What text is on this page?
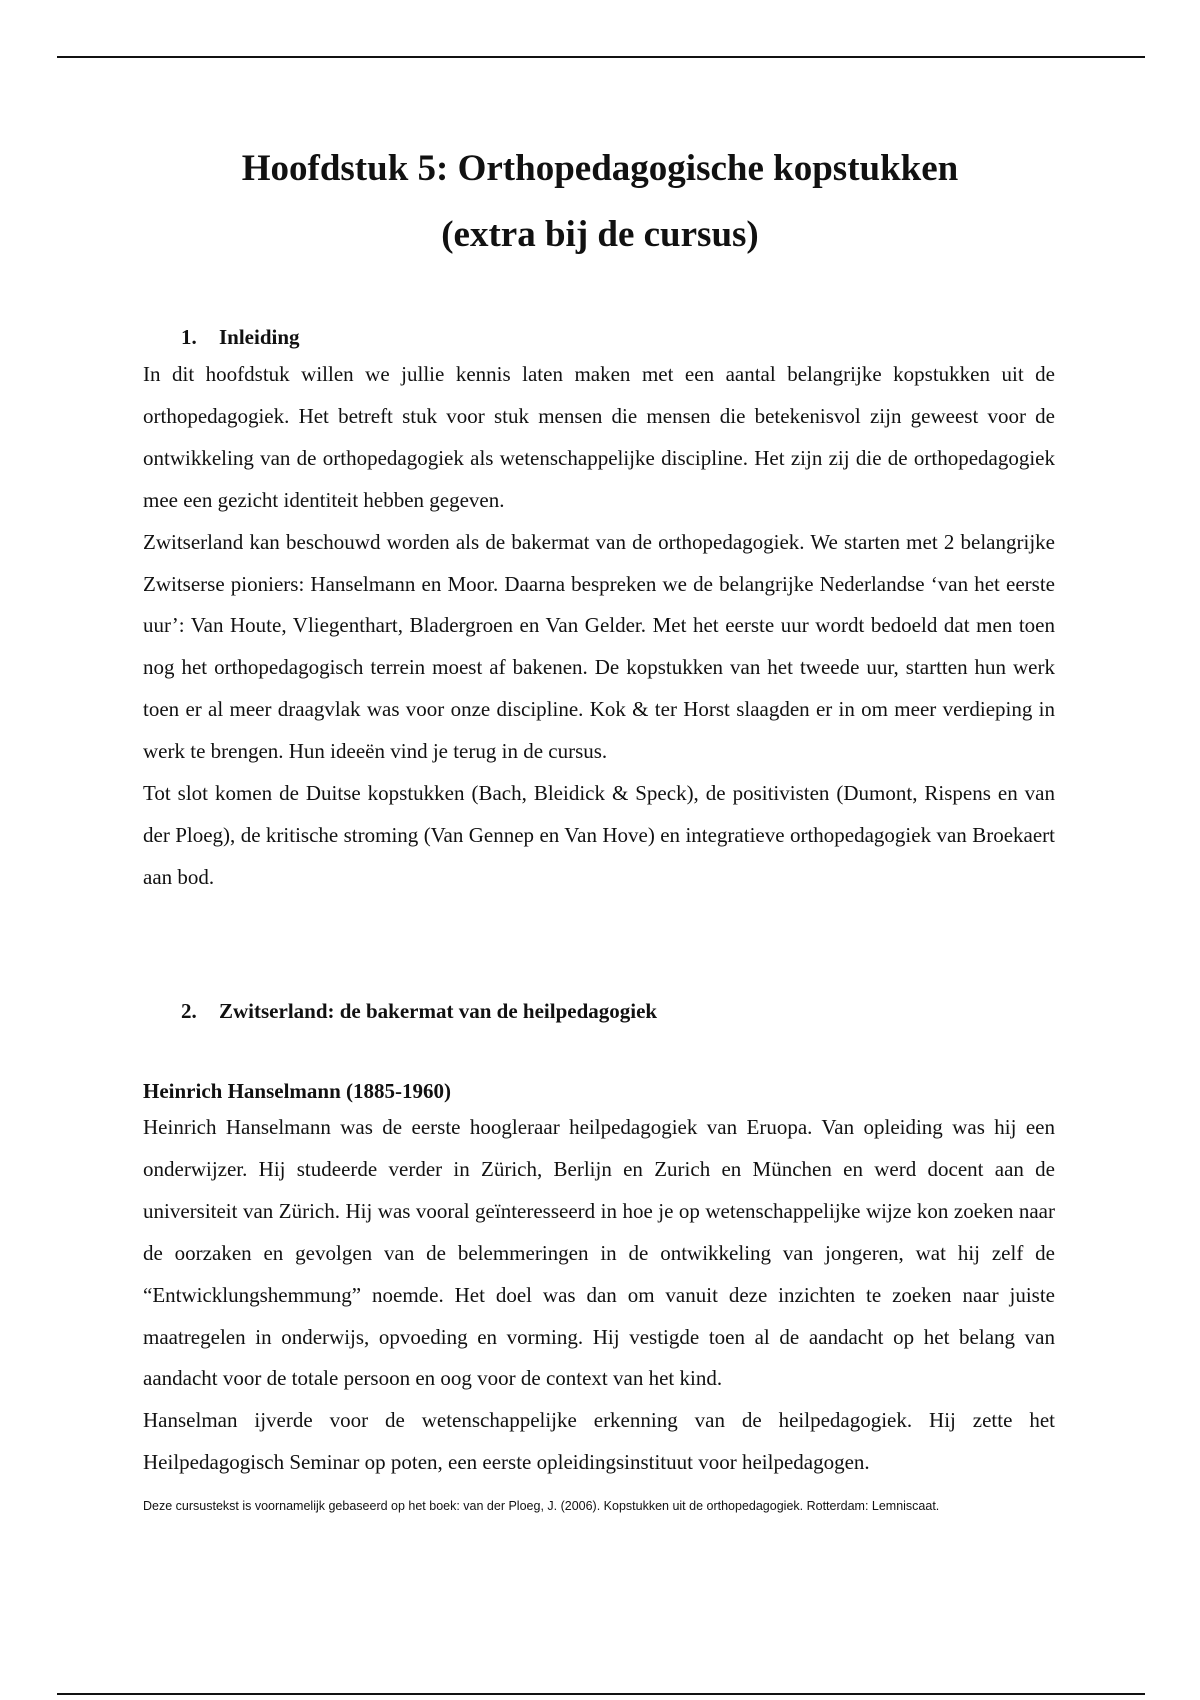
Hoofdstuk 5: Orthopedagogische kopstukken
(extra bij de cursus)
1.	Inleiding

In dit hoofdstuk willen we jullie kennis laten maken met een aantal belangrijke kopstukken uit de orthopedagogiek. Het betreft stuk voor stuk mensen die mensen die betekenisvol zijn geweest voor de ontwikkeling van de orthopedagogiek als wetenschappelijke discipline. Het zijn zij die de orthopedagogiek mee een gezicht identiteit hebben gegeven.

Zwitserland kan beschouwd worden als de bakermat van de orthopedagogiek. We starten met 2 belangrijke Zwitserse pioniers: Hanselmann en Moor. Daarna bespreken we de belangrijke Nederlandse ‘van het eerste uur’: Van Houte, Vliegenthart, Bladergroen en Van Gelder. Met het eerste uur wordt bedoeld dat men toen nog het orthopedagogisch terrein moest af bakenen. De kopstukken van het tweede uur, startten hun werk toen er al meer draagvlak was voor onze discipline. Kok & ter Horst slaagden er in om meer verdieping in werk te brengen. Hun ideeën vind je terug in de cursus.

Tot slot komen de Duitse kopstukken (Bach, Bleidick & Speck), de positivisten (Dumont, Rispens en van der Ploeg), de kritische stroming (Van Gennep en Van Hove) en integratieve orthopedagogiek van Broekaert aan bod.

2.	Zwitserland: de bakermat van de heilpedagogiek
Heinrich Hanselmann (1885-1960)

Heinrich Hanselmann was de eerste hoogleraar heilpedagogiek van Eruopa. Van opleiding was hij een onderwijzer. Hij studeerde verder in Zürich, Berlijn en Zurich en München en werd docent aan de universiteit van Zürich. Hij was vooral geïnteresseerd in hoe je op wetenschappelijke wijze kon zoeken naar de oorzaken en gevolgen van de belemmeringen in de ontwikkeling van jongeren, wat hij zelf de “Entwicklungshemmung” noemde. Het doel was dan om vanuit deze inzichten te zoeken naar juiste maatregelen in onderwijs, opvoeding en vorming. Hij vestigde toen al de aandacht op het belang van aandacht voor de totale persoon en oog voor de context van het kind.

Hanselman ijverde voor de wetenschappelijke erkenning van de heilpedagogiek. Hij zette het Heilpedagogisch Seminar op poten, een eerste opleidingsinstituut voor heilpedagogen.

Deze cursustekst is voornamelijk gebaseerd op het boek: van der Ploeg, J. (2006). Kopstukken uit de orthopedagogiek. Rotterdam: Lemniscaat.
